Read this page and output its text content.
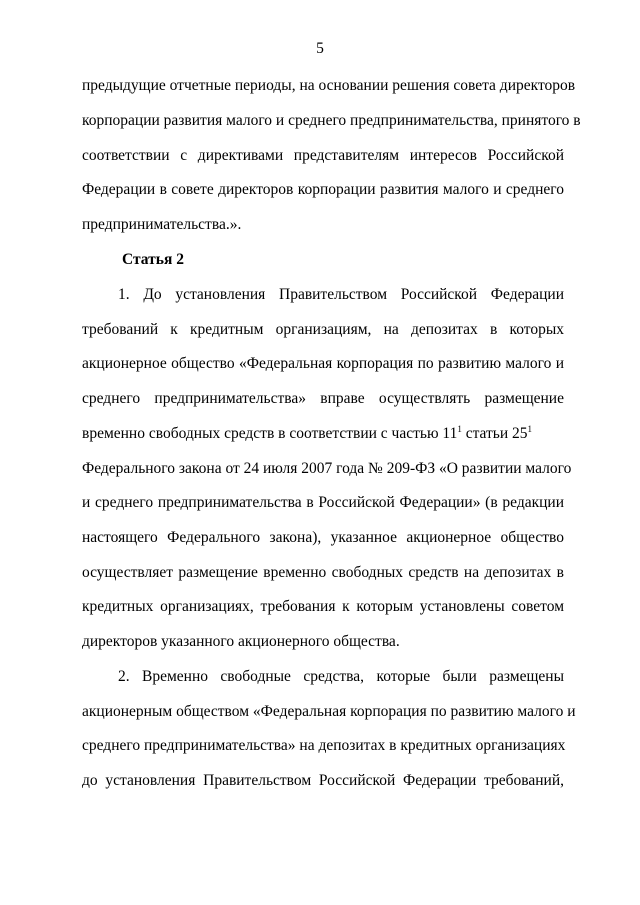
5
предыдущие отчетные периоды, на основании решения совета директоров
корпорации развития малого и среднего предпринимательства, принятого в
соответствии с директивами представителям интересов Российской
Федерации в совете директоров корпорации развития малого и среднего
предпринимательства.».
Статья 2
1. До установления Правительством Российской Федерации
требований к кредитным организациям, на депозитах в которых
акционерное общество «Федеральная корпорация по развитию малого и
среднего предпринимательства» вправе осуществлять размещение
временно свободных средств в соответствии с частью $11^1$ статьи $25^1$
Федерального закона от 24 июля 2007 года № 209-ФЗ «О развитии малого
и среднего предпринимательства в Российской Федерации» (в редакции
настоящего Федерального закона), указанное акционерное общество
осуществляет размещение временно свободных средств на депозитах в
кредитных организациях, требования к которым установлены советом
директоров указанного акционерного общества.
2. Временно свободные средства, которые были размещены
акционерным обществом «Федеральная корпорация по развитию малого и
среднего предпринимательства» на депозитах в кредитных организациях
до установления Правительством Российской Федерации требований,
